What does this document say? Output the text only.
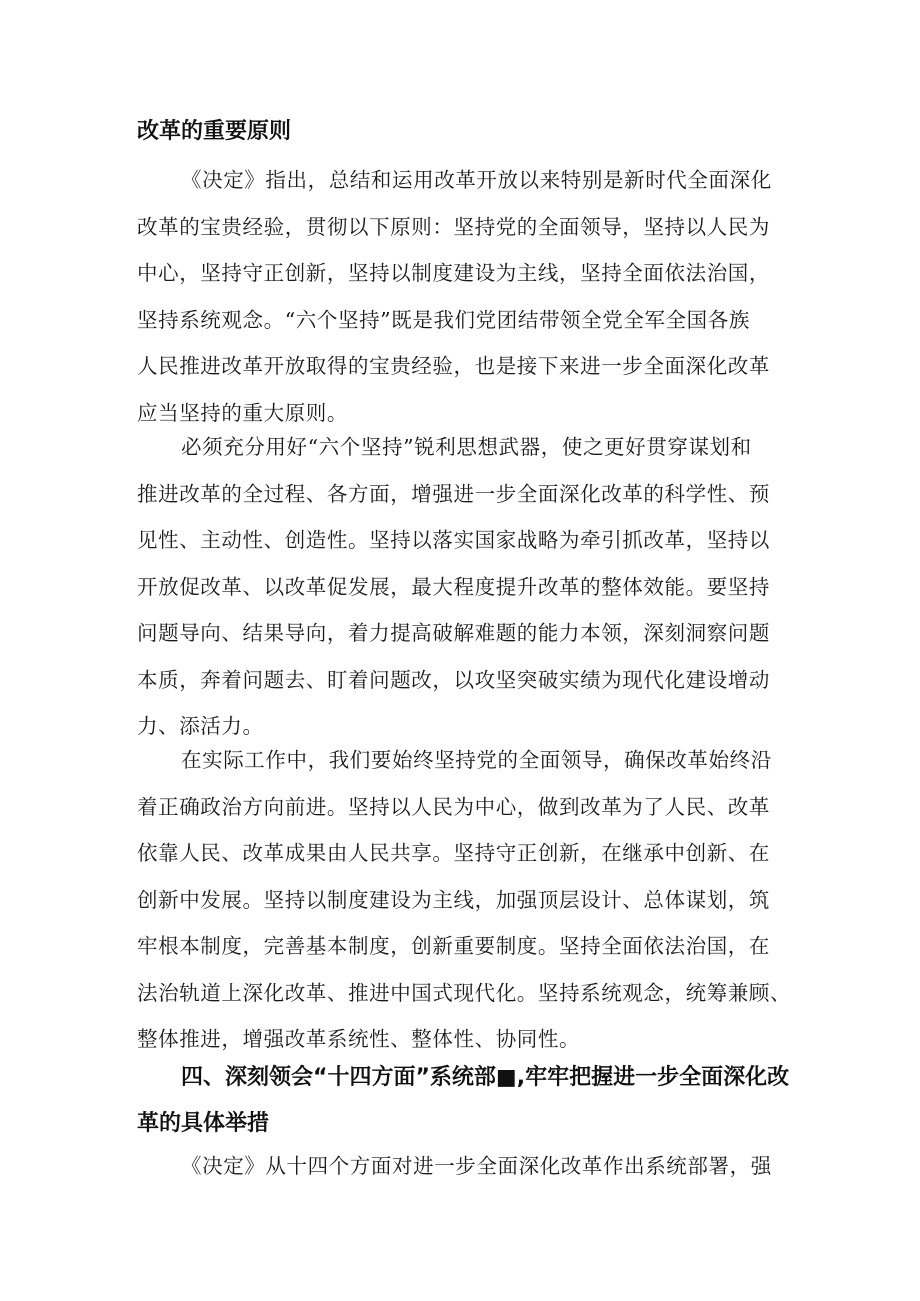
改革的重要原则
《决定》指出，总结和运用改革开放以来特别是新时代全面深化
改革的宝贵经验，贯彻以下原则：坚持党的全面领导，坚持以人民为
中心，坚持守正创新，坚持以制度建设为主线，坚持全面依法治国，
坚持系统观念。“六个坚持”既是我们党团结带领全党全军全国各族
人民推进改革开放取得的宝贵经验，也是接下来进一步全面深化改革
应当坚持的重大原则。
必须充分用好“六个坚持”锐利思想武器，使之更好贯穿谋划和
推进改革的全过程、各方面，增强进一步全面深化改革的科学性、预
见性、主动性、创造性。坚持以落实国家战略为牵引抓改革，坚持以
开放促改革、以改革促发展，最大程度提升改革的整体效能。要坚持
问题导向、结果导向，着力提高破解难题的能力本领，深刻洞察问题
本质，奔着问题去、盯着问题改，以攻坚突破实绩为现代化建设增动
力、添活力。
在实际工作中，我们要始终坚持党的全面领导，确保改革始终沿
着正确政治方向前进。坚持以人民为中心，做到改革为了人民、改革
依靠人民、改革成果由人民共享。坚持守正创新，在继承中创新、在
创新中发展。坚持以制度建设为主线，加强顶层设计、总体谋划，筑
牢根本制度，完善基本制度，创新重要制度。坚持全面依法治国，在
法治轨道上深化改革、推进中国式现代化。坚持系统观念，统筹兼顾、
整体推进，增强改革系统性、整体性、协同性。
四、深刻领会“十四方面”系统部■,牢牢把握进一步全面深化改
革的具体举措
《决定》从十四个方面对进一步全面深化改革作出系统部署，强
